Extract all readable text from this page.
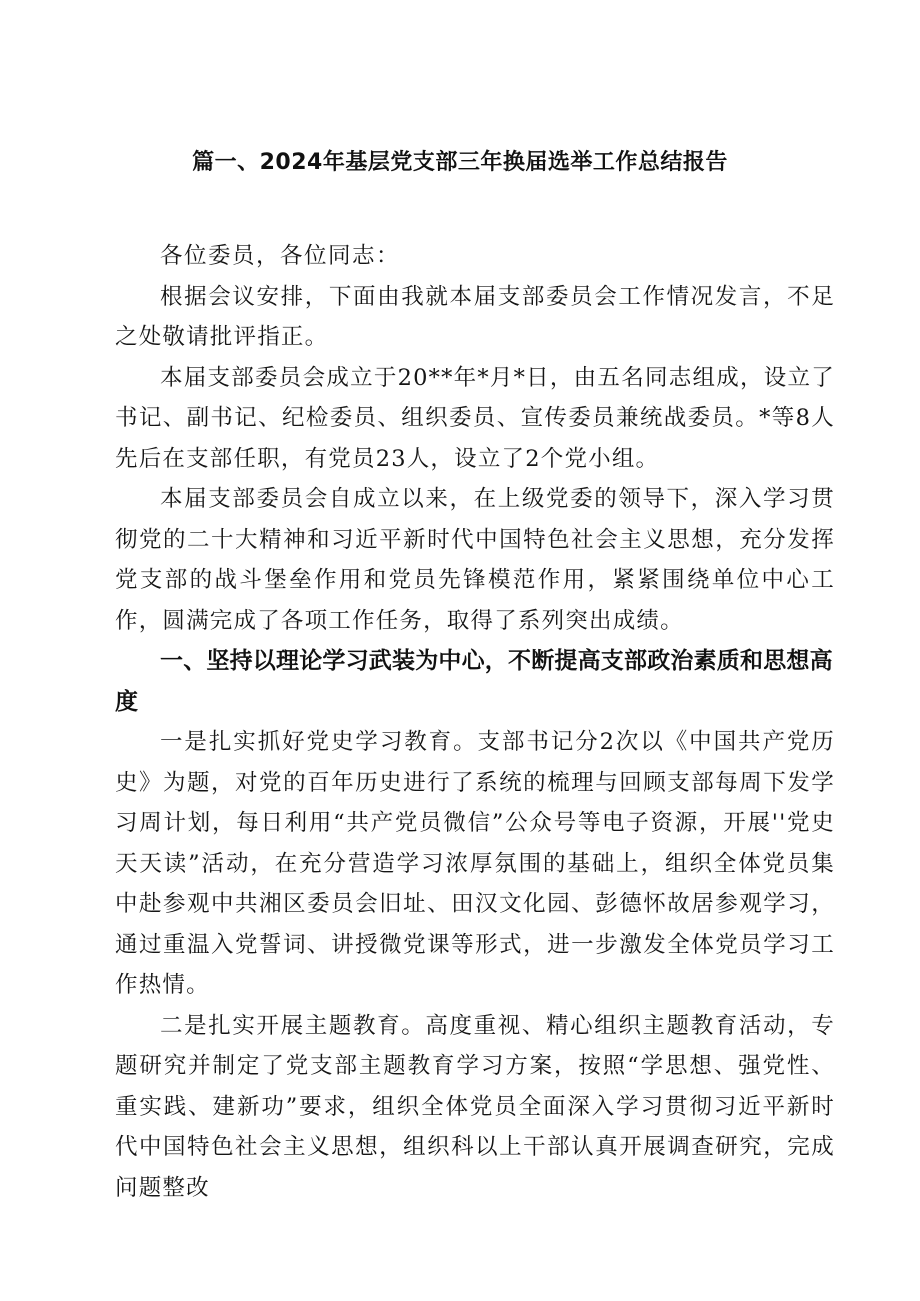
篇一、2024年基层党支部三年换届选举工作总结报告

各位委员，各位同志：

根据会议安排，下面由我就本届支部委员会工作情况发言，不足之处敬请批评指正。

本届支部委员会成立于20**年*月*日，由五名同志组成，设立了书记、副书记、纪检委员、组织委员、宣传委员兼统战委员。*等8人先后在支部任职，有党员23人，设立了2个党小组。

本届支部委员会自成立以来，在上级党委的领导下，深入学习贯彻党的二十大精神和习近平新时代中国特色社会主义思想，充分发挥党支部的战斗堡垒作用和党员先锋模范作用，紧紧围绕单位中心工作，圆满完成了各项工作任务，取得了系列突出成绩。

一、坚持以理论学习武装为中心，不断提高支部政治素质和思想高度

一是扎实抓好党史学习教育。支部书记分2次以《中国共产党历史》为题，对党的百年历史进行了系统的梳理与回顾支部每周下发学习周计划，每日利用“共产党员微信”公众号等电子资源，开展''党史天天读”活动，在充分营造学习浓厚氛围的基础上，组织全体党员集中赴参观中共湘区委员会旧址、田汉文化园、彭德怀故居参观学习，通过重温入党誓词、讲授微党课等形式，进一步激发全体党员学习工作热情。

二是扎实开展主题教育。高度重视、精心组织主题教育活动，专题研究并制定了党支部主题教育学习方案，按照“学思想、强党性、重实践、建新功”要求，组织全体党员全面深入学习贯彻习近平新时代中国特色社会主义思想，组织科以上干部认真开展调查研究，完成问题整改
